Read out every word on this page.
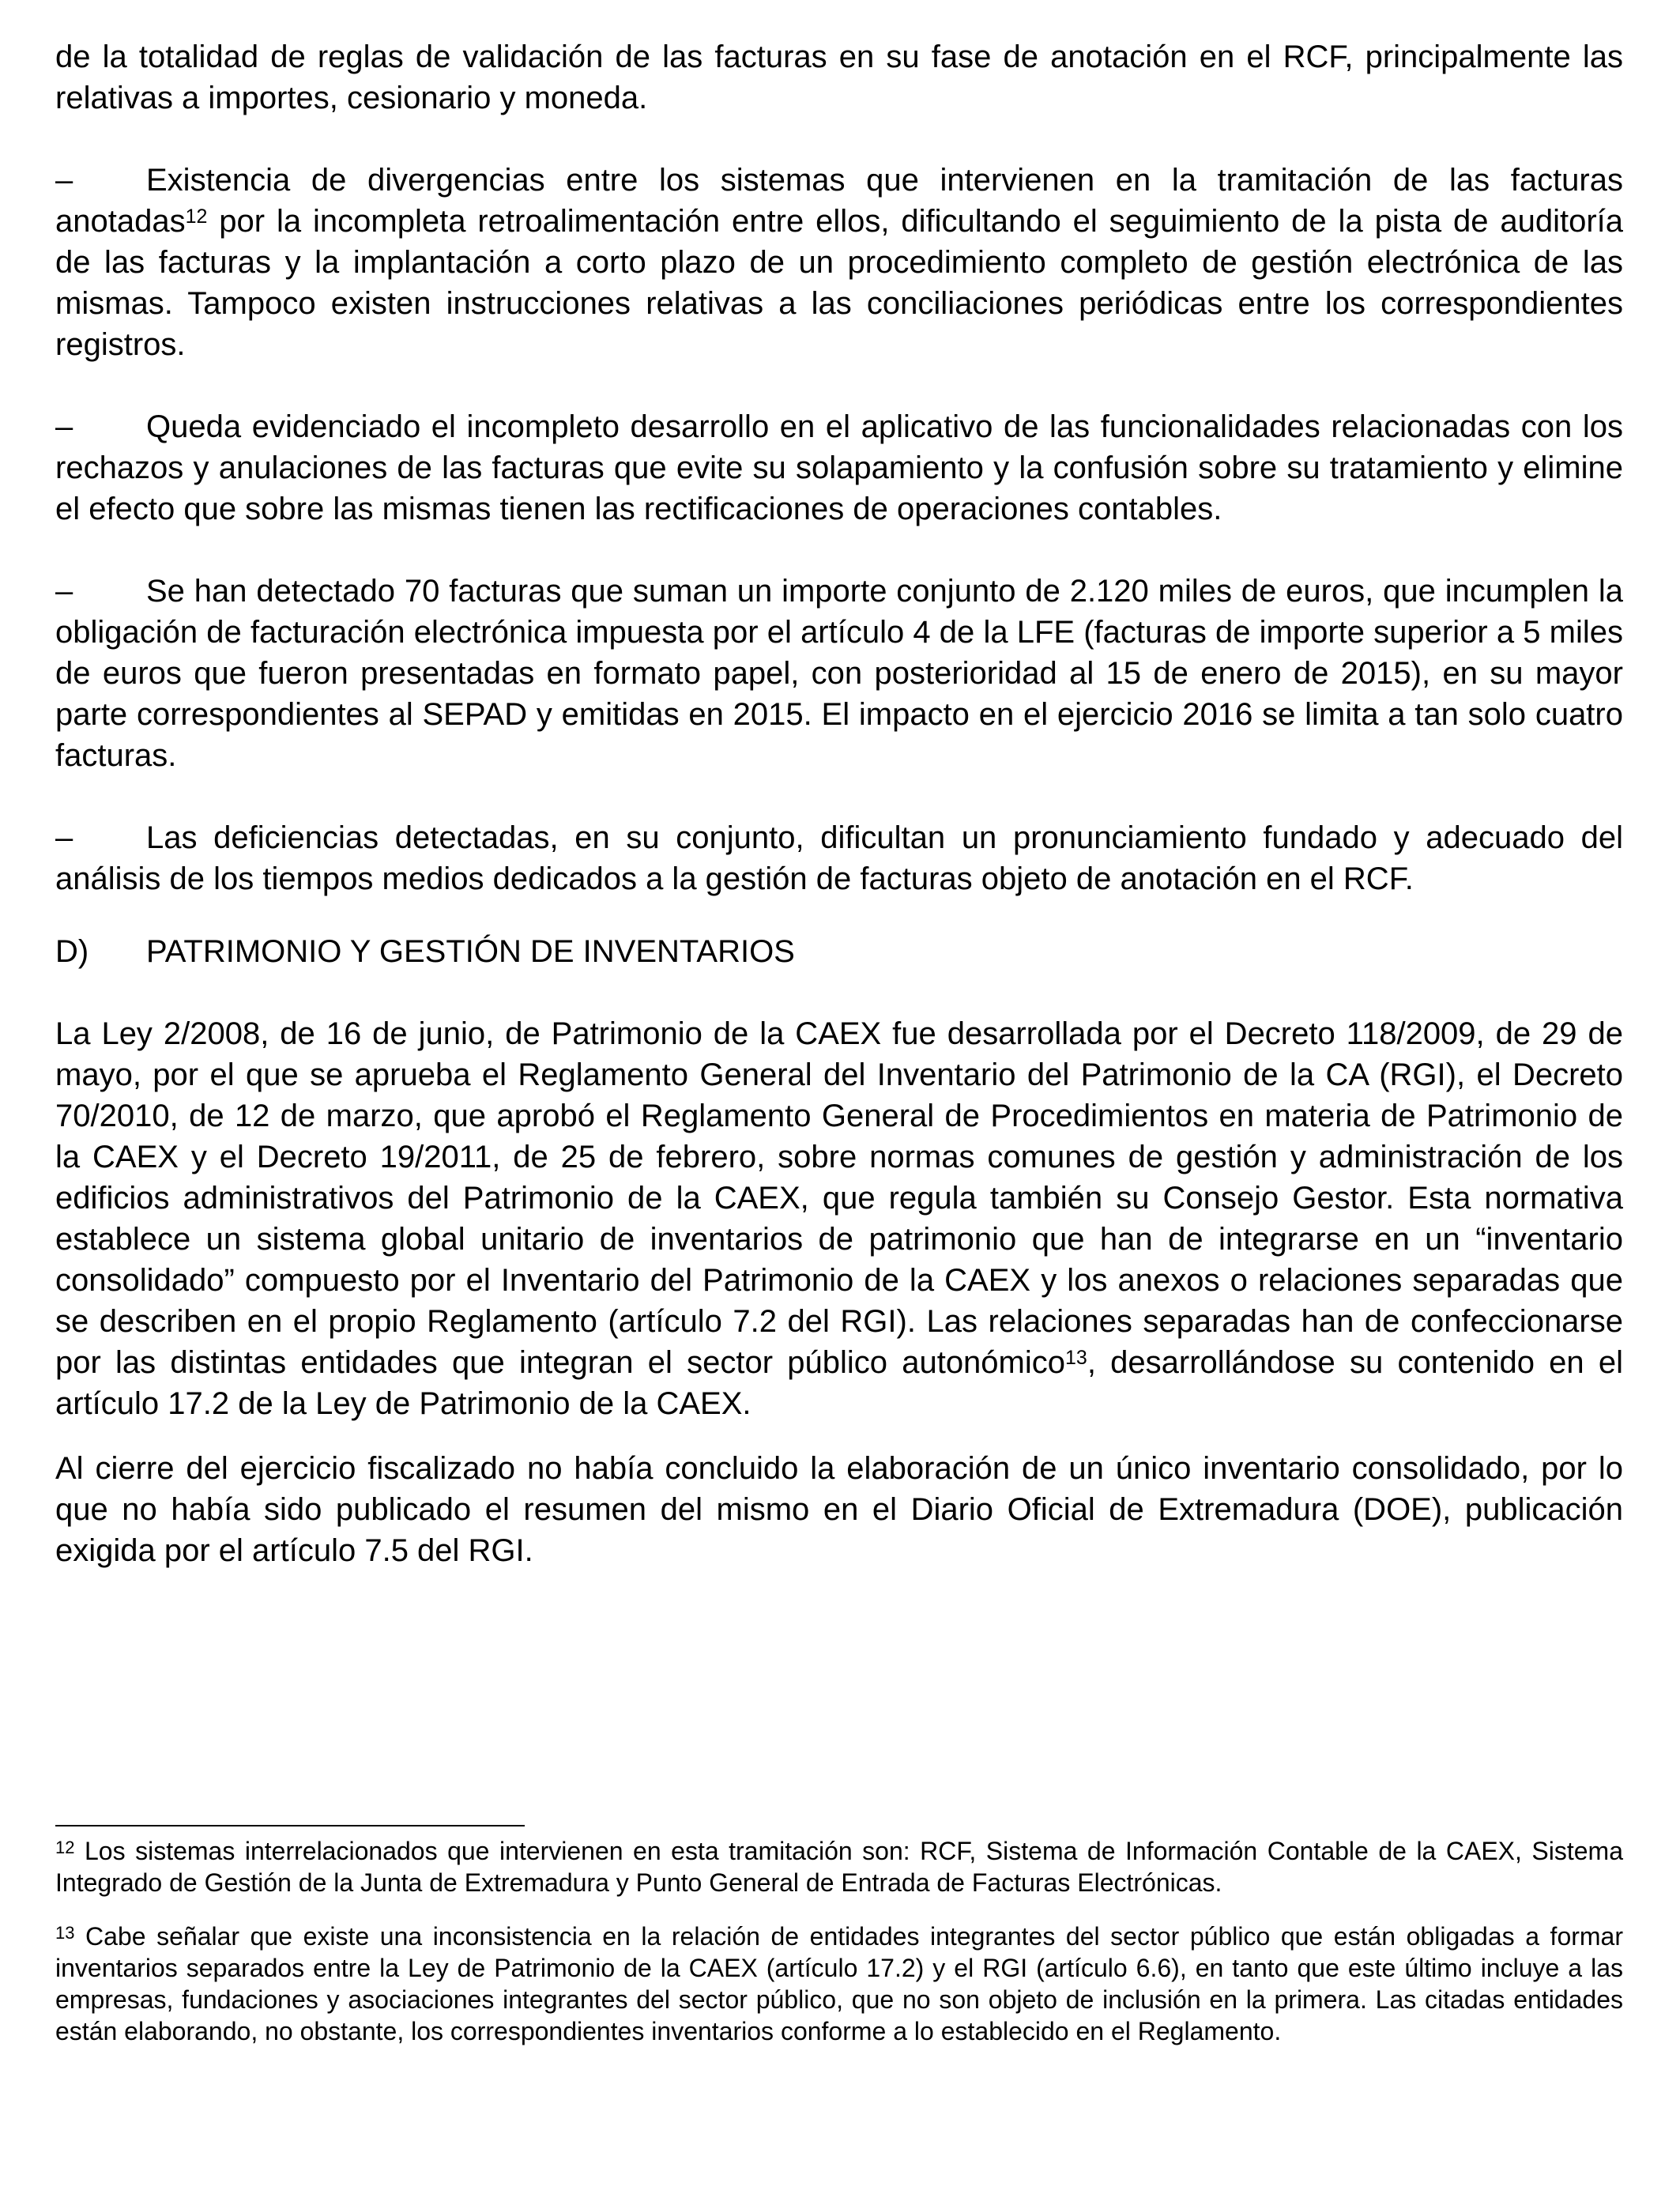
de la totalidad de reglas de validación de las facturas en su fase de anotación en el RCF, principalmente las relativas a importes, cesionario y moneda.

– Existencia de divergencias entre los sistemas que intervienen en la tramitación de las facturas anotadas$^{12}$ por la incompleta retroalimentación entre ellos, dificultando el seguimiento de la pista de auditoría de las facturas y la implantación a corto plazo de un procedimiento completo de gestión electrónica de las mismas. Tampoco existen instrucciones relativas a las conciliaciones periódicas entre los correspondientes registros.

– Queda evidenciado el incompleto desarrollo en el aplicativo de las funcionalidades relacionadas con los rechazos y anulaciones de las facturas que evite su solapamiento y la confusión sobre su tratamiento y elimine el efecto que sobre las mismas tienen las rectificaciones de operaciones contables.

– Se han detectado 70 facturas que suman un importe conjunto de 2.120 miles de euros, que incumplen la obligación de facturación electrónica impuesta por el artículo 4 de la LFE (facturas de importe superior a 5 miles de euros que fueron presentadas en formato papel, con posterioridad al 15 de enero de 2015), en su mayor parte correspondientes al SEPAD y emitidas en 2015. El impacto en el ejercicio 2016 se limita a tan solo cuatro facturas.

– Las deficiencias detectadas, en su conjunto, dificultan un pronunciamiento fundado y adecuado del análisis de los tiempos medios dedicados a la gestión de facturas objeto de anotación en el RCF.

D) PATRIMONIO Y GESTIÓN DE INVENTARIOS

La Ley 2/2008, de 16 de junio, de Patrimonio de la CAEX fue desarrollada por el Decreto 118/2009, de 29 de mayo, por el que se aprueba el Reglamento General del Inventario del Patrimonio de la CA (RGI), el Decreto 70/2010, de 12 de marzo, que aprobó el Reglamento General de Procedimientos en materia de Patrimonio de la CAEX y el Decreto 19/2011, de 25 de febrero, sobre normas comunes de gestión y administración de los edificios administrativos del Patrimonio de la CAEX, que regula también su Consejo Gestor. Esta normativa establece un sistema global unitario de inventarios de patrimonio que han de integrarse en un “inventario consolidado” compuesto por el Inventario del Patrimonio de la CAEX y los anexos o relaciones separadas que se describen en el propio Reglamento (artículo 7.2 del RGI). Las relaciones separadas han de confeccionarse por las distintas entidades que integran el sector público autonómico$^{13}$, desarrollándose su contenido en el artículo 17.2 de la Ley de Patrimonio de la CAEX.

Al cierre del ejercicio fiscalizado no había concluido la elaboración de un único inventario consolidado, por lo que no había sido publicado el resumen del mismo en el Diario Oficial de Extremadura (DOE), publicación exigida por el artículo 7.5 del RGI.

$^{12}$ Los sistemas interrelacionados que intervienen en esta tramitación son: RCF, Sistema de Información Contable de la CAEX, Sistema Integrado de Gestión de la Junta de Extremadura y Punto General de Entrada de Facturas Electrónicas.

$^{13}$ Cabe señalar que existe una inconsistencia en la relación de entidades integrantes del sector público que están obligadas a formar inventarios separados entre la Ley de Patrimonio de la CAEX (artículo 17.2) y el RGI (artículo 6.6), en tanto que este último incluye a las empresas, fundaciones y asociaciones integrantes del sector público, que no son objeto de inclusión en la primera. Las citadas entidades están elaborando, no obstante, los correspondientes inventarios conforme a lo establecido en el Reglamento.
